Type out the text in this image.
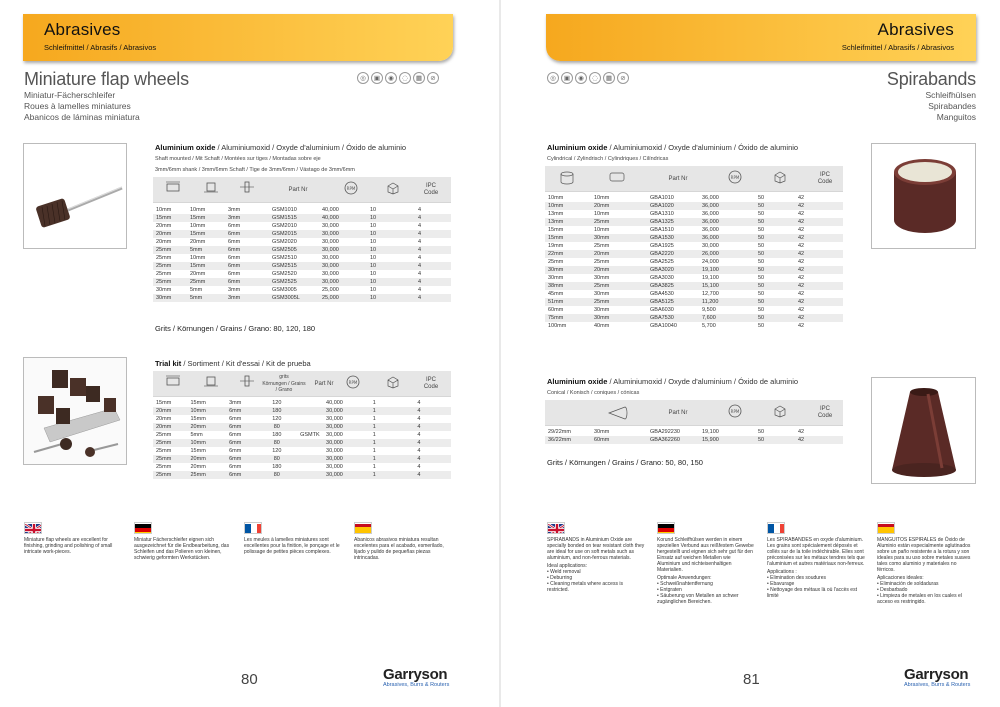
Abrasives
Schleifmittel / Abrasifs / Abrasivos
Miniature flap wheels
Miniatur-Fächerschleifer
Roues à lamelles miniatures
Abanicos de láminas miniatura
◎	▣	◉	◌	▦	⊘
Aluminium oxide / Aluminiumoxid / Oxyde d'aluminium / Óxido de aluminio
Shaft mounted / Mit Schaft / Montées sur tiges / Montadas sobre eje
3mm/6mm shank / 3mm/6mm Schaft / Tige de 3mm/6mm / Vástago de 3mm/6mm
Part Nr	RPM	IPC
Code
10mm	10mm	3mm	GSM1010	40,000	10	4
15mm	15mm	3mm	GSM1515	40,000	10	4
20mm	10mm	6mm	GSM2010	30,000	10	4
20mm	15mm	6mm	GSM2015	30,000	10	4
20mm	20mm	6mm	GSM2020	30,000	10	4
25mm	5mm	6mm	GSM2505	30,000	10	4
25mm	10mm	6mm	GSM2510	30,000	10	4
25mm	15mm	6mm	GSM2515	30,000	10	4
25mm	20mm	6mm	GSM2520	30,000	10	4
25mm	25mm	6mm	GSM2525	30,000	10	4
30mm	5mm	3mm	GSM3005	25,000	10	4
30mm	5mm	3mm	GSM3005L	25,000	10	4
Grits / Körnungen / Grains / Grano: 80, 120, 180
Trial kit / Sortiment / Kit d'essai / Kit de prueba
grits
Körnungen / Grains
/ Grano
Part Nr	RPM	IPC
Code
15mm	15mm	3mm	120		40,000	1	4
20mm	10mm	6mm	180		30,000	1	4
20mm	15mm	6mm	120		30,000	1	4
20mm	20mm	6mm	80		30,000	1	4
25mm	5mm	6mm	180	GSMTK	30,000	1	4
25mm	10mm	6mm	80		30,000	1	4
25mm	15mm	6mm	120		30,000	1	4
25mm	20mm	6mm	80		30,000	1	4
25mm	20mm	6mm	180		30,000	1	4
25mm	25mm	6mm	80		30,000	1	4
Miniature flap wheels are excellent for finishing, grinding and polishing of small intricate work-pieces.
Miniatur Fächerschleifer eignen sich ausgezeichnet für die Endbearbeitung, das Schleifen und das Polieren von kleinen, schwierig geformten Werkstücken.
Les meules à lamelles miniatures sont excellentes pour la finition, le ponçage et le polissage de petites pièces complexes.
Abanicos abrasivos miniatura resultan excelentes para el acabado, esmerilado, lijado y pulido de pequeñas piezas intrincadas.
80	Garryson
Abrasives, Burrs & Routers
Abrasives
Schleifmittel / Abrasifs / Abrasivos
Spirabands
Schleifhülsen
Spirabandes
Manguitos
◎	▣	◉	◌	▦	⊘
Aluminium oxide / Aluminiumoxid / Oxyde d'aluminium / Óxido de aluminio
Cylindrical / Zylindrisch / Cylindriques / Cilíndricas
Part Nr	RPM	IPC
Code
10mm	10mm	GBA1010	36,000	50	42
10mm	20mm	GBA1020	36,000	50	42
13mm	10mm	GBA1310	36,000	50	42
13mm	25mm	GBA1325	36,000	50	42
15mm	10mm	GBA1510	36,000	50	42
15mm	30mm	GBA1530	36,000	50	42
19mm	25mm	GBA1925	30,000	50	42
22mm	20mm	GBA2220	26,000	50	42
25mm	25mm	GBA2525	24,000	50	42
30mm	20mm	GBA3020	19,100	50	42
30mm	30mm	GBA3030	19,100	50	42
38mm	25mm	GBA3825	15,100	50	42
45mm	30mm	GBA4530	12,700	50	42
51mm	25mm	GBA5125	11,200	50	42
60mm	30mm	GBA6030	9,500	50	42
75mm	30mm	GBA7530	7,600	50	42
100mm	40mm	GBA10040	5,700	50	42
Aluminium oxide / Aluminiumoxid / Oxyde d'aluminium / Óxido de aluminio
Conical / Konisch / coniques / cónicas
Part Nr	RPM	IPC
Code
29/22mm	30mm	GBA292230	19,100	50	42
36/22mm	60mm	GBA362260	15,900	50	42
Grits / Körnungen / Grains / Grano: 50, 80, 150
SPIRABANDS in Aluminium Oxide are specially bonded on tear resistant cloth they are ideal for use on soft metals such as aluminium, and non-ferrous materials.
Ideal applications:
• Weld removal
• Deburring
• Cleaning metals where access is restricted.
Korund Schleifhülsen werden in einem speziellen Verbund aus reißfestem Gewebe hergestellt und eignen sich sehr gut für den Einsatz auf weichen Metallen wie Aluminium und nichteisenhaltigen Materialien.
Optimale Anwendungen:
• Schweißnahtentfernung
• Entgraten
• Säuberung von Metallen an schwer zugänglichen Bereichen.
Les SPIRABANDES en oxyde d'aluminium. Les grains sont spécialement déposés et collés sur de la toile indéchirable. Elles sont préconisées sur les métaux tendres tels que l'aluminium et autres matériaux non-ferreux.
Applications :
• Elimination des soudures
• Ebavurage
• Nettoyage des métaux là où l'accès est limité
MANGUITOS ESPIRALES de Óxido de Aluminio están especialmente aglutinados sobre un paño resistente a la rotura y son ideales para su uso sobre metales suaves tales como aluminio y materiales no férricos.
Aplicaciones ideales:
• Eliminación de soldaduras
• Desbarbado
• Limpieza de metales en los cuales el acceso es restringido.
81	Garryson
Abrasives, Burrs & Routers
